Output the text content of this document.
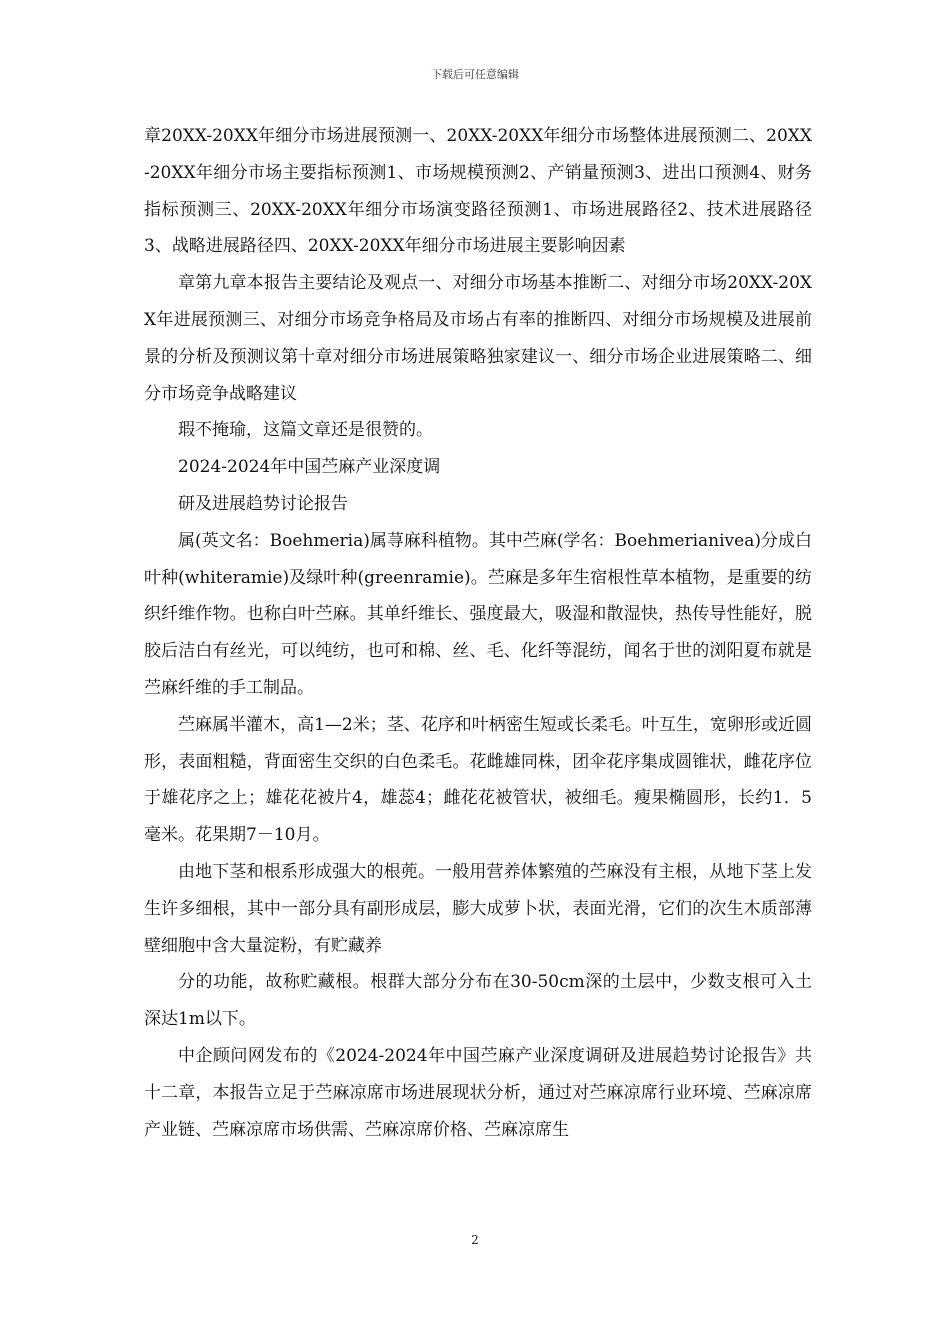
下载后可任意编辑

章20XX-20XX年细分市场进展预测一、20XX-20XX年细分市场整体进展预测二、20XX-20XX年细分市场主要指标预测1、市场规模预测2、产销量预测3、进出口预测4、财务指标预测三、20XX-20XX年细分市场演变路径预测1、市场进展路径2、技术进展路径3、战略进展路径四、20XX-20XX年细分市场进展主要影响因素

章第九章本报告主要结论及观点一、对细分市场基本推断二、对细分市场20XX-20XX年进展预测三、对细分市场竞争格局及市场占有率的推断四、对细分市场规模及进展前景的分析及预测议第十章对细分市场进展策略独家建议一、细分市场企业进展策略二、细分市场竞争战略建议

瑕不掩瑜，这篇文章还是很赞的。

2024-2024年中国苎麻产业深度调

研及进展趋势讨论报告

属(英文名：Boehmeria)属荨麻科植物。其中苎麻(学名：Boehmerianivea)分成白叶种(whiteramie)及绿叶种(greenramie)。苎麻是多年生宿根性草本植物，是重要的纺织纤维作物。也称白叶苎麻。其单纤维长、强度最大，吸湿和散湿快，热传导性能好，脱胶后洁白有丝光，可以纯纺，也可和棉、丝、毛、化纤等混纺，闻名于世的浏阳夏布就是苎麻纤维的手工制品。

苎麻属半灌木，高1—2米；茎、花序和叶柄密生短或长柔毛。叶互生，宽卵形或近圆形，表面粗糙，背面密生交织的白色柔毛。花雌雄同株，团伞花序集成圆锥状，雌花序位于雄花序之上；雄花花被片4，雄蕊4；雌花花被管状，被细毛。瘦果椭圆形，长约1．5毫米。花果期7－10月。

由地下茎和根系形成强大的根蔸。一般用营养体繁殖的苎麻没有主根，从地下茎上发生许多细根，其中一部分具有副形成层，膨大成萝卜状，表面光滑，它们的次生木质部薄壁细胞中含大量淀粉，有贮藏养

分的功能，故称贮藏根。根群大部分分布在30-50cm深的土层中，少数支根可入土深达1m以下。

中企顾问网发布的《2024-2024年中国苎麻产业深度调研及进展趋势讨论报告》共十二章，本报告立足于苎麻凉席市场进展现状分析，通过对苎麻凉席行业环境、苎麻凉席产业链、苎麻凉席市场供需、苎麻凉席价格、苎麻凉席生

2
